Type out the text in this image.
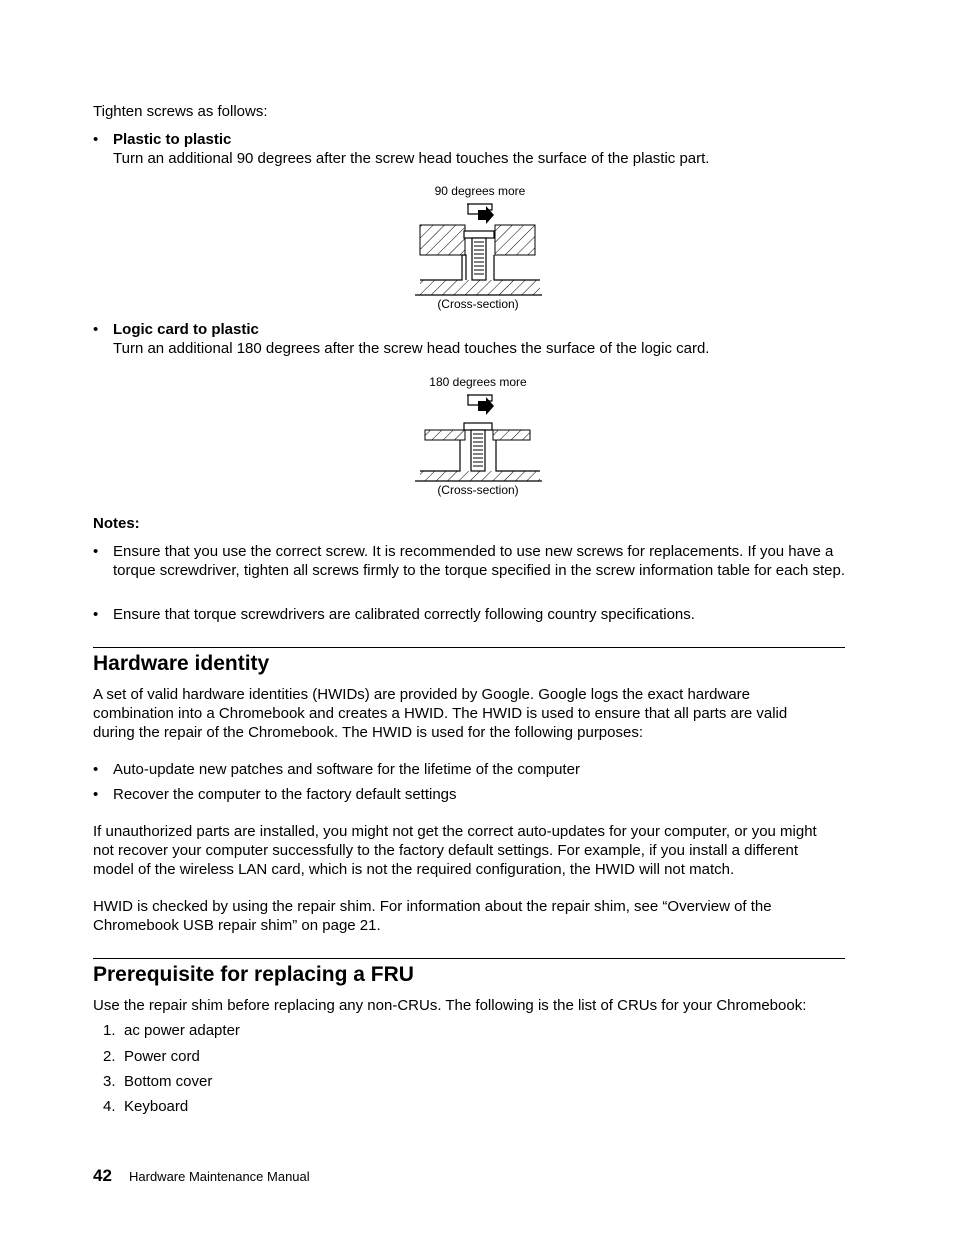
Tighten screws as follows:

• Plastic to plastic

Turn an additional 90 degrees after the screw head touches the surface of the plastic part.

90 degrees more
(Cross-section)
• Logic card to plastic

Turn an additional 180 degrees after the screw head touches the surface of the logic card.

180 degrees more
(Cross-section)

Notes:

• Ensure that you use the correct screw. It is recommended to use new screws for replacements. If you have a torque screwdriver, tighten all screws firmly to the torque specified in the screw information table for each step.

• Ensure that torque screwdrivers are calibrated correctly following country specifications.

Hardware identity

A set of valid hardware identities (HWIDs) are provided by Google. Google logs the exact hardware combination into a Chromebook and creates a HWID. The HWID is used to ensure that all parts are valid during the repair of the Chromebook. The HWID is used for the following purposes:

• Auto-update new patches and software for the lifetime of the computer

• Recover the computer to the factory default settings

If unauthorized parts are installed, you might not get the correct auto-updates for your computer, or you might not recover your computer successfully to the factory default settings. For example, if you install a different model of the wireless LAN card, which is not the required configuration, the HWID will not match.

HWID is checked by using the repair shim. For information about the repair shim, see “Overview of the Chromebook USB repair shim” on page 21.

Prerequisite for replacing a FRU

Use the repair shim before replacing any non-CRUs. The following is the list of CRUs for your Chromebook:

1. ac power adapter
2. Power cord
3. Bottom cover
4. Keyboard
42 Hardware Maintenance Manual
